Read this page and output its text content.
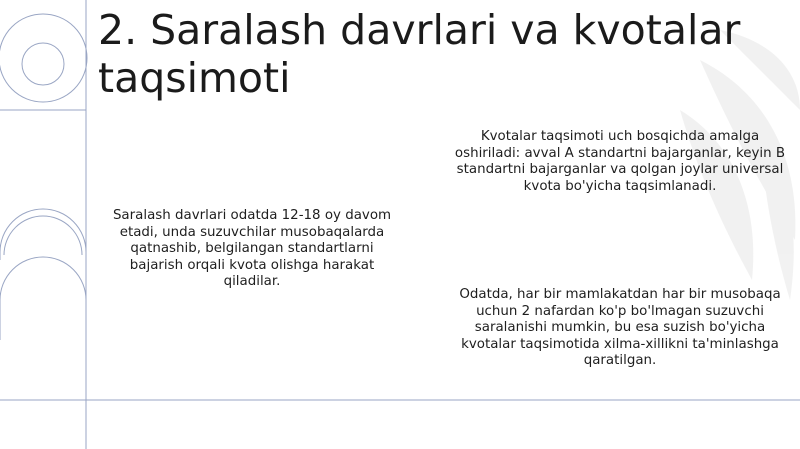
2. Saralash davrlari va kvotalar taqsimoti

Saralash davrlari odatda 12-18 oy davom etadi, unda suzuvchilar musobaqalarda qatnashib, belgilangan standartlarni bajarish orqali kvota olishga harakat qiladilar.

Kvotalar taqsimoti uch bosqichda amalga oshiriladi: avval A standartni bajarganlar, keyin B standartni bajarganlar va qolgan joylar universal kvota bo'yicha taqsimlanadi.

Odatda, har bir mamlakatdan har bir musobaqa uchun 2 nafardan ko'p bo'lmagan suzuvchi saralanishi mumkin, bu esa suzish bo'yicha kvotalar taqsimotida xilma-xillikni ta'minlashga qaratilgan.
